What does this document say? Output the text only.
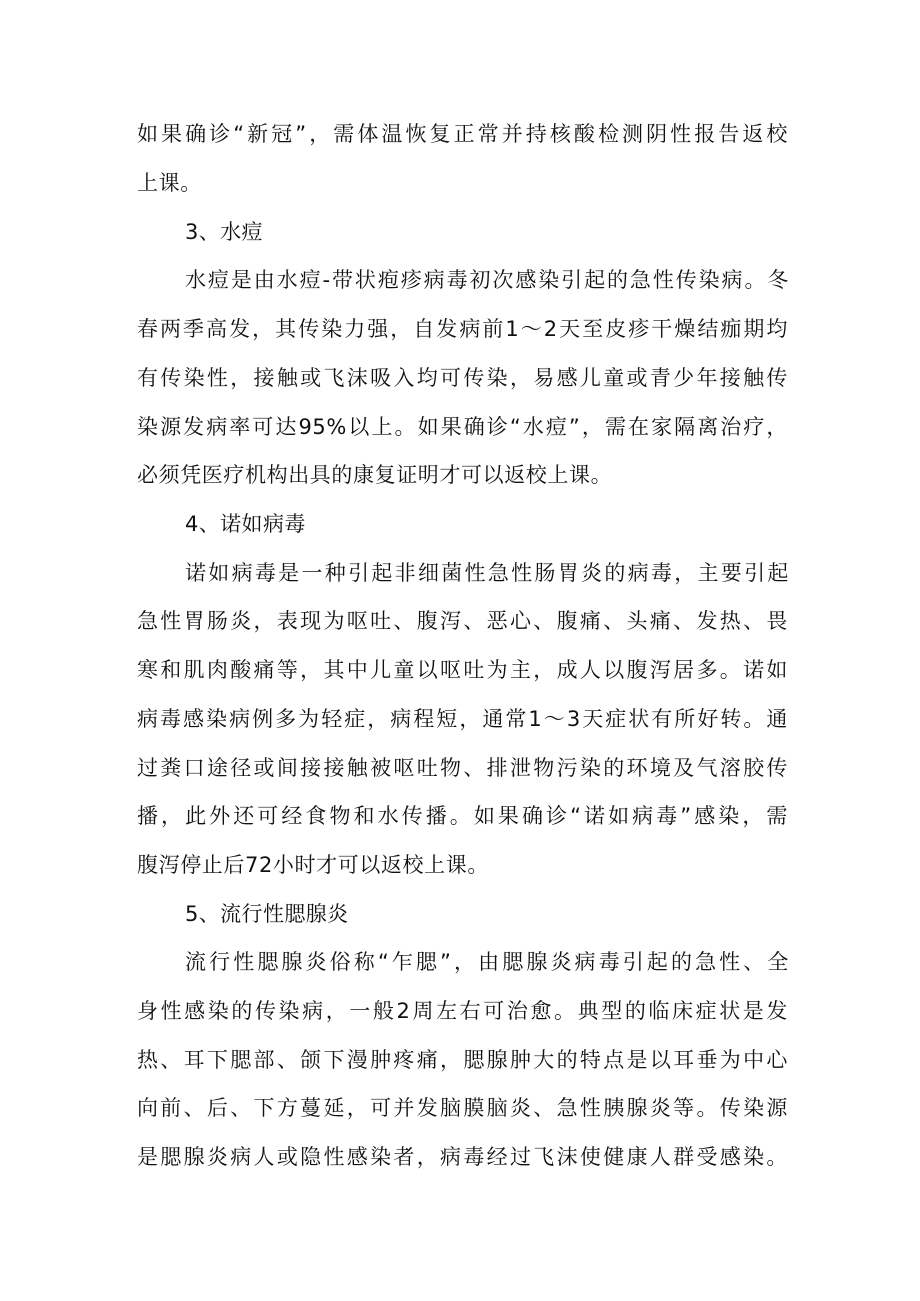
如果确诊“新冠”，需体温恢复正常并持核酸检测阴性报告返校

上课。

3、水痘

水痘是由水痘-带状疱疹病毒初次感染引起的急性传染病。冬

春两季高发，其传染力强，自发病前1～2天至皮疹干燥结痂期均

有传染性，接触或飞沫吸入均可传染，易感儿童或青少年接触传

染源发病率可达95%以上。如果确诊“水痘”，需在家隔离治疗，

必须凭医疗机构出具的康复证明才可以返校上课。

4、诺如病毒

诺如病毒是一种引起非细菌性急性肠胃炎的病毒，主要引起

急性胃肠炎，表现为呕吐、腹泻、恶心、腹痛、头痛、发热、畏

寒和肌肉酸痛等，其中儿童以呕吐为主，成人以腹泻居多。诺如

病毒感染病例多为轻症，病程短，通常1～3天症状有所好转。通

过粪口途径或间接接触被呕吐物、排泄物污染的环境及气溶胶传

播，此外还可经食物和水传播。如果确诊“诺如病毒”感染，需

腹泻停止后72小时才可以返校上课。

5、流行性腮腺炎

流行性腮腺炎俗称“乍腮”，由腮腺炎病毒引起的急性、全

身性感染的传染病，一般2周左右可治愈。典型的临床症状是发

热、耳下腮部、颌下漫肿疼痛，腮腺肿大的特点是以耳垂为中心

向前、后、下方蔓延，可并发脑膜脑炎、急性胰腺炎等。传染源

是腮腺炎病人或隐性感染者，病毒经过飞沫使健康人群受感染。
